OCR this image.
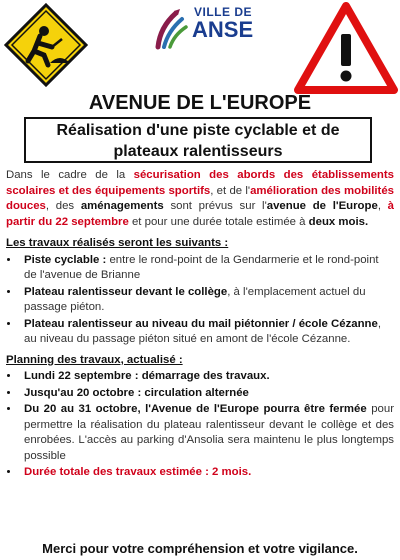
VILLE DE
ANSE
AVENUE DE L'EUROPE
Réalisation d'une piste cyclable et de
plateaux ralentisseurs

Dans le cadre de la sécurisation des abords des établissements scolaires et des équipements sportifs, et de l'amélioration des mobilités douces, des aménagements sont prévus sur l'avenue de l'Europe, à partir du 22 septembre et pour une durée totale estimée à deux mois.

Les travaux réalisés seront les suivants :
• Piste cyclable : entre le rond-point de la Gendarmerie et le rond-point de l'avenue de Brianne
• Plateau ralentisseur devant le collège, à l'emplacement actuel du passage piéton.
• Plateau ralentisseur au niveau du mail piétonnier / école Cézanne, au niveau du passage piéton situé en amont de l'école Cézanne.
Planning des travaux, actualisé :
• Lundi 22 septembre : démarrage des travaux.
• Jusqu'au 20 octobre : circulation alternée
• Du 20 au 31 octobre, l'Avenue de l'Europe pourra être fermée pour permettre la réalisation du plateau ralentisseur devant le collège et des enrobées. L'accès au parking d'Ansolia sera maintenu le plus longtemps possible
• Durée totale des travaux estimée : 2 mois.
Merci pour votre compréhension et votre vigilance.
